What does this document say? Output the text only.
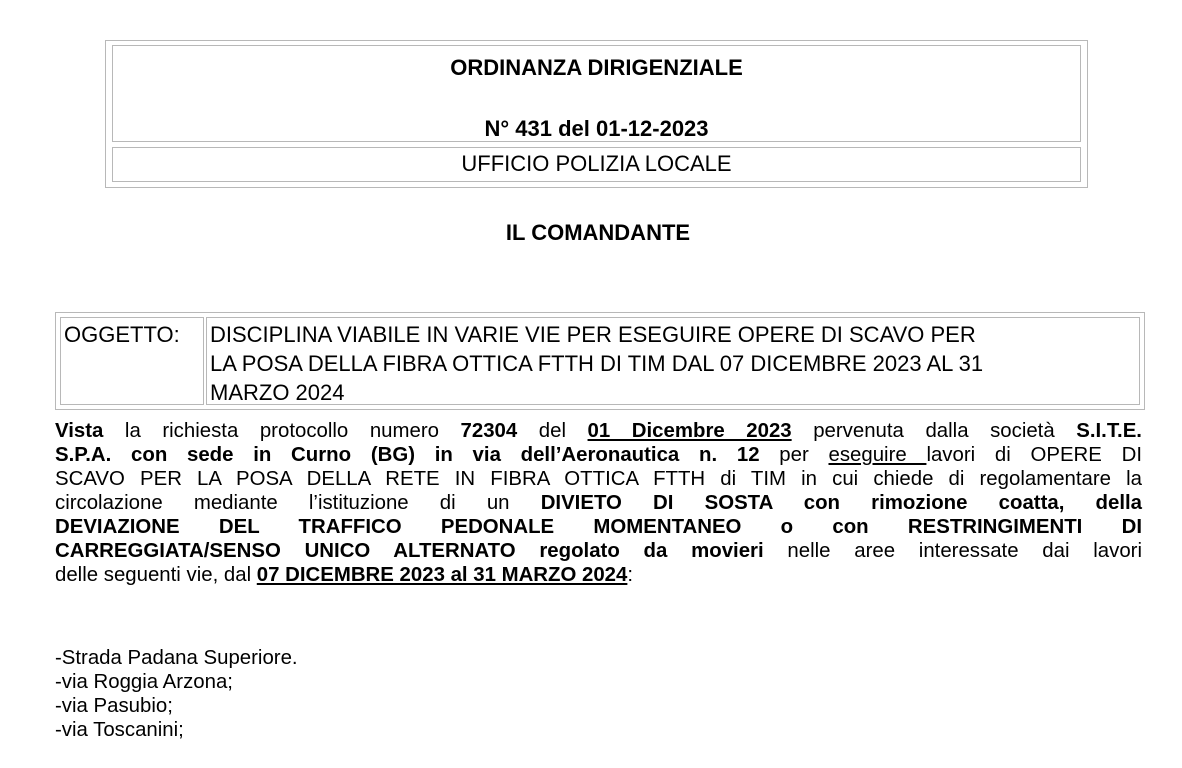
ORDINANZA DIRIGENZIALE
N° 431 del 01-12-2023
UFFICIO POLIZIA LOCALE
IL COMANDANTE
OGGETTO:	DISCIPLINA VIABILE IN VARIE VIE PER ESEGUIRE OPERE DI SCAVO PER
LA POSA DELLA FIBRA OTTICA FTTH DI TIM DAL 07 DICEMBRE 2023 AL 31
MARZO 2024
Vista la richiesta protocollo numero 72304 del 01 Dicembre 2023 pervenuta dalla società S.I.T.E.
S.P.A. con sede in Curno (BG) in via dell’Aeronautica n. 12 per eseguire lavori di OPERE DI
SCAVO PER LA POSA DELLA RETE IN FIBRA OTTICA FTTH di TIM in cui chiede di regolamentare la
circolazione mediante l’istituzione di un DIVIETO DI SOSTA con rimozione coatta, della
DEVIAZIONE DEL TRAFFICO PEDONALE MOMENTANEO o con RESTRINGIMENTI DI
CARREGGIATA/SENSO UNICO ALTERNATO regolato da movieri nelle aree interessate dai lavori
delle seguenti vie, dal 07 DICEMBRE 2023 al 31 MARZO 2024:
-Strada Padana Superiore.
-via Roggia Arzona;
-via Pasubio;
-via Toscanini;
